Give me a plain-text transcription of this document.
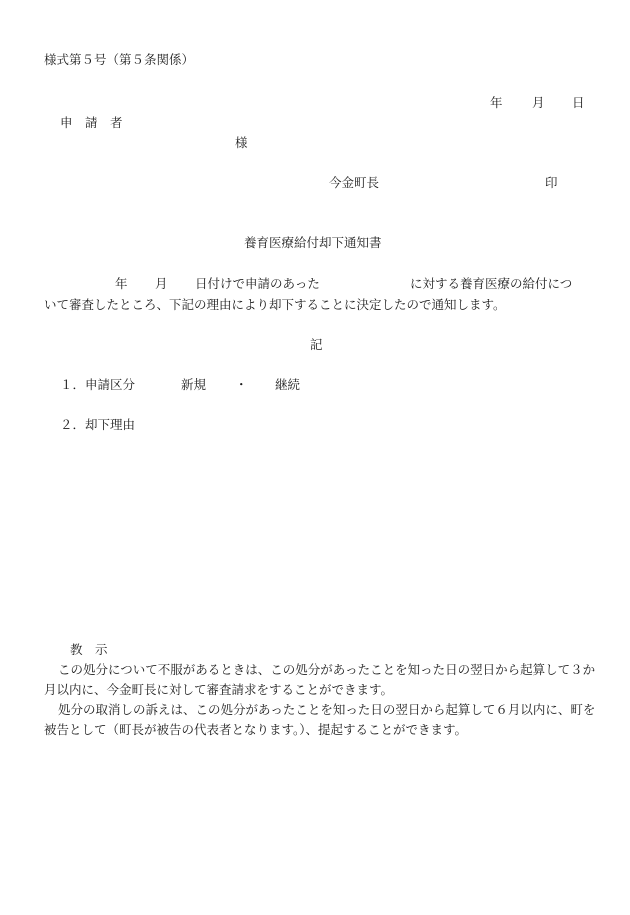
様式第５号（第５条関係）
年 月 日
申　請　者
様
今金町長	印
養育医療給付却下通知書
年 月 日付けで申請のあった	に対する養育医療の給付につ
いて審査したところ、下記の理由により却下することに決定したので通知します。
記
１．申請区分	新規 ・ 継続
２．却下理由
教　示
この処分について不服があるときは、この処分があったことを知った日の翌日から起算して３か
月以内に、今金町長に対して審査請求をすることができます。
処分の取消しの訴えは、この処分があったことを知った日の翌日から起算して６月以内に、町を
被告として（町長が被告の代表者となります。）、提起することができます。
